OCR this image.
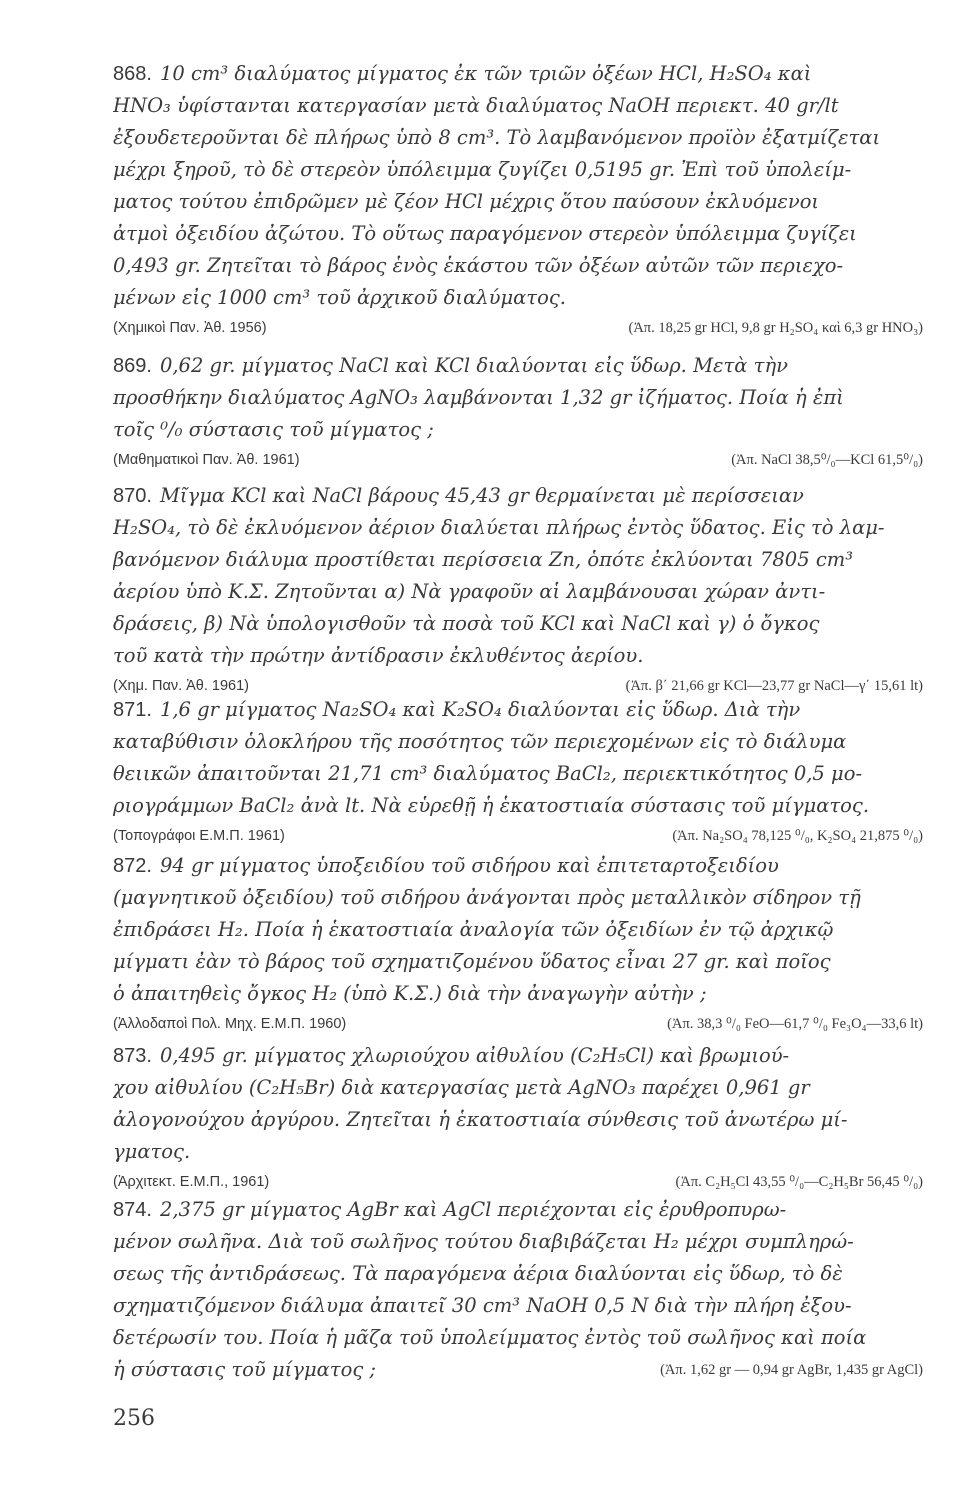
868. 10 cm³ διαλύματος μίγματος ἐκ τῶν τριῶν ὀξέων HCl, H₂SO₄ καὶ
HNO₃ ὑφίστανται κατεργασίαν μετὰ διαλύματος NaOH περιεκτ. 40 gr/lt
ἐξουδετεροῦνται δὲ πλήρως ὑπὸ 8 cm³. Τὸ λαμβανόμενον προϊὸν ἐξατμίζεται
μέχρι ξηροῦ, τὸ δὲ στερεὸν ὑπόλειμμα ζυγίζει 0,5195 gr. Ἐπὶ τοῦ ὑπολείμ-
ματος τούτου ἐπιδρῶμεν μὲ ζέον HCl μέχρις ὅτου παύσουν ἐκλυόμενοι
ἀτμοὶ ὀξειδίου ἀζώτου. Τὸ οὕτως παραγόμενον στερεὸν ὑπόλειμμα ζυγίζει
0,493 gr. Ζητεῖται τὸ βάρος ἑνὸς ἑκάστου τῶν ὀξέων αὐτῶν τῶν περιεχο-
μένων εἰς 1000 cm³ τοῦ ἀρχικοῦ διαλύματος.
(Χημικοὶ Παν. Ἀθ. 1956)	(Ἀπ. 18,25 gr HCl, 9,8 gr H₂SO₄ καὶ 6,3 gr HNO₃)
869. 0,62 gr. μίγματος NaCl καὶ KCl διαλύονται εἰς ὕδωρ. Μετὰ τὴν
προσθήκην διαλύματος AgNO₃ λαμβάνονται 1,32 gr ἰζήματος. Ποία ἡ ἐπὶ
τοῖς ⁰/₀ σύστασις τοῦ μίγματος ;
(Μαθηματικοὶ Παν. Ἀθ. 1961)	(Ἀπ. NaCl 38,5⁰/₀—KCl 61,5⁰/₀)
870. Μῖγμα KCl καὶ NaCl βάρους 45,43 gr θερμαίνεται μὲ περίσσειαν
H₂SO₄, τὸ δὲ ἐκλυόμενον ἀέριον διαλύεται πλήρως ἐντὸς ὕδατος. Εἰς τὸ λαμ-
βανόμενον διάλυμα προστίθεται περίσσεια Zn, ὁπότε ἐκλύονται 7805 cm³
ἀερίου ὑπὸ Κ.Σ. Ζητοῦνται α) Νὰ γραφοῦν αἱ λαμβάνουσαι χώραν ἀντι-
δράσεις, β) Νὰ ὑπολογισθοῦν τὰ ποσὰ τοῦ KCl καὶ NaCl καὶ γ) ὁ ὄγκος
τοῦ κατὰ τὴν πρώτην ἀντίδρασιν ἐκλυθέντος ἀερίου.
(Χημ. Παν. Ἀθ. 1961)	(Ἀπ. β΄ 21,66 gr KCl—23,77 gr NaCl—γ΄ 15,61 lt)
871. 1,6 gr μίγματος Na₂SO₄ καὶ K₂SO₄ διαλύονται εἰς ὕδωρ. Διὰ τὴν
καταβύθισιν ὁλοκλήρου τῆς ποσότητος τῶν περιεχομένων εἰς τὸ διάλυμα
θειικῶν ἀπαιτοῦνται 21,71 cm³ διαλύματος BaCl₂, περιεκτικότητος 0,5 μο-
ριογράμμων BaCl₂ ἀνὰ lt. Νὰ εὑρεθῇ ἡ ἑκατοστιαία σύστασις τοῦ μίγματος.
(Τοπογράφοι Ε.Μ.Π. 1961)	(Ἀπ. Na₂SO₄ 78,125 ⁰/₀, K₂SO₄ 21,875 ⁰/₀)
872. 94 gr μίγματος ὑποξειδίου τοῦ σιδήρου καὶ ἐπιτεταρτοξειδίου
(μαγνητικοῦ ὀξειδίου) τοῦ σιδήρου ἀνάγονται πρὸς μεταλλικὸν σίδηρον τῇ
ἐπιδράσει H₂. Ποία ἡ ἑκατοστιαία ἀναλογία τῶν ὀξειδίων ἐν τῷ ἀρχικῷ
μίγματι ἐὰν τὸ βάρος τοῦ σχηματιζομένου ὕδατος εἶναι 27 gr. καὶ ποῖος
ὁ ἀπαιτηθεὶς ὄγκος H₂ (ὑπὸ Κ.Σ.) διὰ τὴν ἀναγωγὴν αὐτὴν ;
(Ἀλλοδαποὶ Πολ. Μηχ. Ε.Μ.Π. 1960)	(Ἀπ. 38,3 ⁰/₀ FeO—61,7 ⁰/₀ Fe₃O₄—33,6 lt)
873. 0,495 gr. μίγματος χλωριούχου αἰθυλίου (C₂H₅Cl) καὶ βρωμιού-
χου αἰθυλίου (C₂H₅Br) διὰ κατεργασίας μετὰ AgNO₃ παρέχει 0,961 gr
ἀλογονούχου ἀργύρου. Ζητεῖται ἡ ἑκατοστιαία σύνθεσις τοῦ ἀνωτέρω μί-
γματος.
(Ἀρχιτεκτ. Ε.Μ.Π., 1961)	(Ἀπ. C₂H₅Cl 43,55 ⁰/₀—C₂H₅Br 56,45 ⁰/₀)
874. 2,375 gr μίγματος AgBr καὶ AgCl περιέχονται εἰς ἐρυθροπυρω-
μένον σωλῆνα. Διὰ τοῦ σωλῆνος τούτου διαβιβάζεται H₂ μέχρι συμπληρώ-
σεως τῆς ἀντιδράσεως. Τὰ παραγόμενα ἀέρια διαλύονται εἰς ὕδωρ, τὸ δὲ
σχηματιζόμενον διάλυμα ἀπαιτεῖ 30 cm³ NaOH 0,5 N διὰ τὴν πλήρη ἐξου-
δετέρωσίν του. Ποία ἡ μᾶζα τοῦ ὑπολείμματος ἐντὸς τοῦ σωλῆνος καὶ ποία
ἡ σύστασις τοῦ μίγματος ;	(Ἀπ. 1,62 gr — 0,94 gr AgBr, 1,435 gr AgCl)
256
